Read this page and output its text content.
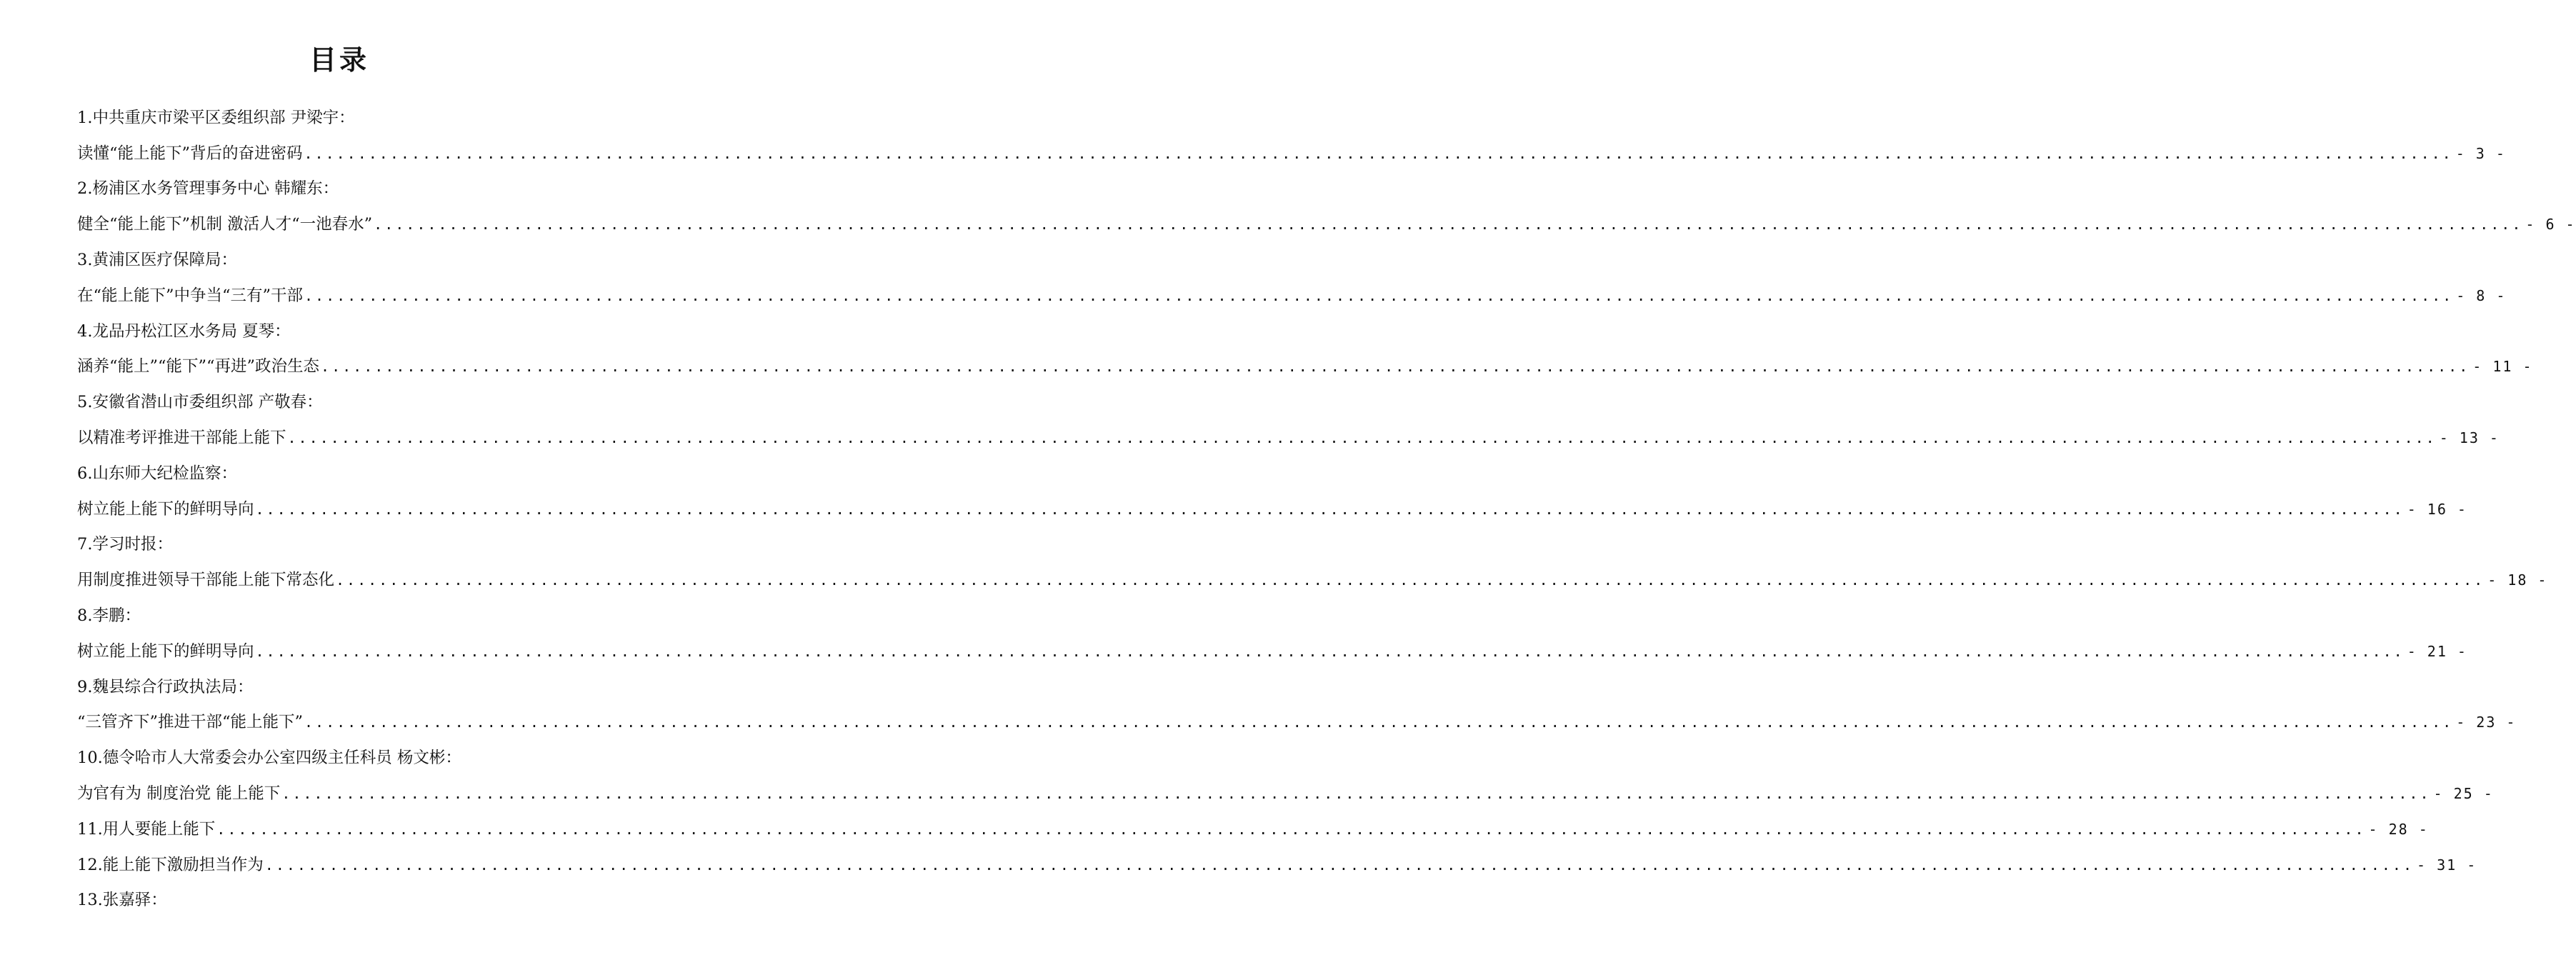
目录
1.中共重庆市梁平区委组织部 尹梁宇：
读懂“能上能下”背后的奋进密码 ........................................................................................................................................................................................................ - 3 -
2.杨浦区水务管理事务中心 韩耀东：
健全“能上能下”机制 激活人才“一池春水” ........................................................................................................................................................................................................ - 6 -
3.黄浦区医疗保障局：
在“能上能下”中争当“三有”干部 ........................................................................................................................................................................................................ - 8 -
4.龙品丹松江区水务局 夏琴：
涵养“能上”“能下”“再进”政治生态 ........................................................................................................................................................................................................ - 11 -
5.安徽省潜山市委组织部 产敬春：
以精准考评推进干部能上能下 ........................................................................................................................................................................................................ - 13 -
6.山东师大纪检监察：
树立能上能下的鲜明导向 ........................................................................................................................................................................................................ - 16 -
7.学习时报：
用制度推进领导干部能上能下常态化 ........................................................................................................................................................................................................ - 18 -
8.李鹏：
树立能上能下的鲜明导向 ........................................................................................................................................................................................................ - 21 -
9.魏县综合行政执法局：
“三管齐下”推进干部“能上能下” ........................................................................................................................................................................................................ - 23 -
10.德令哈市人大常委会办公室四级主任科员 杨文彬：
为官有为 制度治党 能上能下 ........................................................................................................................................................................................................ - 25 -
11.用人要能上能下 ........................................................................................................................................................................................................ - 28 -
12.能上能下激励担当作为 ........................................................................................................................................................................................................ - 31 -
13.张嘉驿：
